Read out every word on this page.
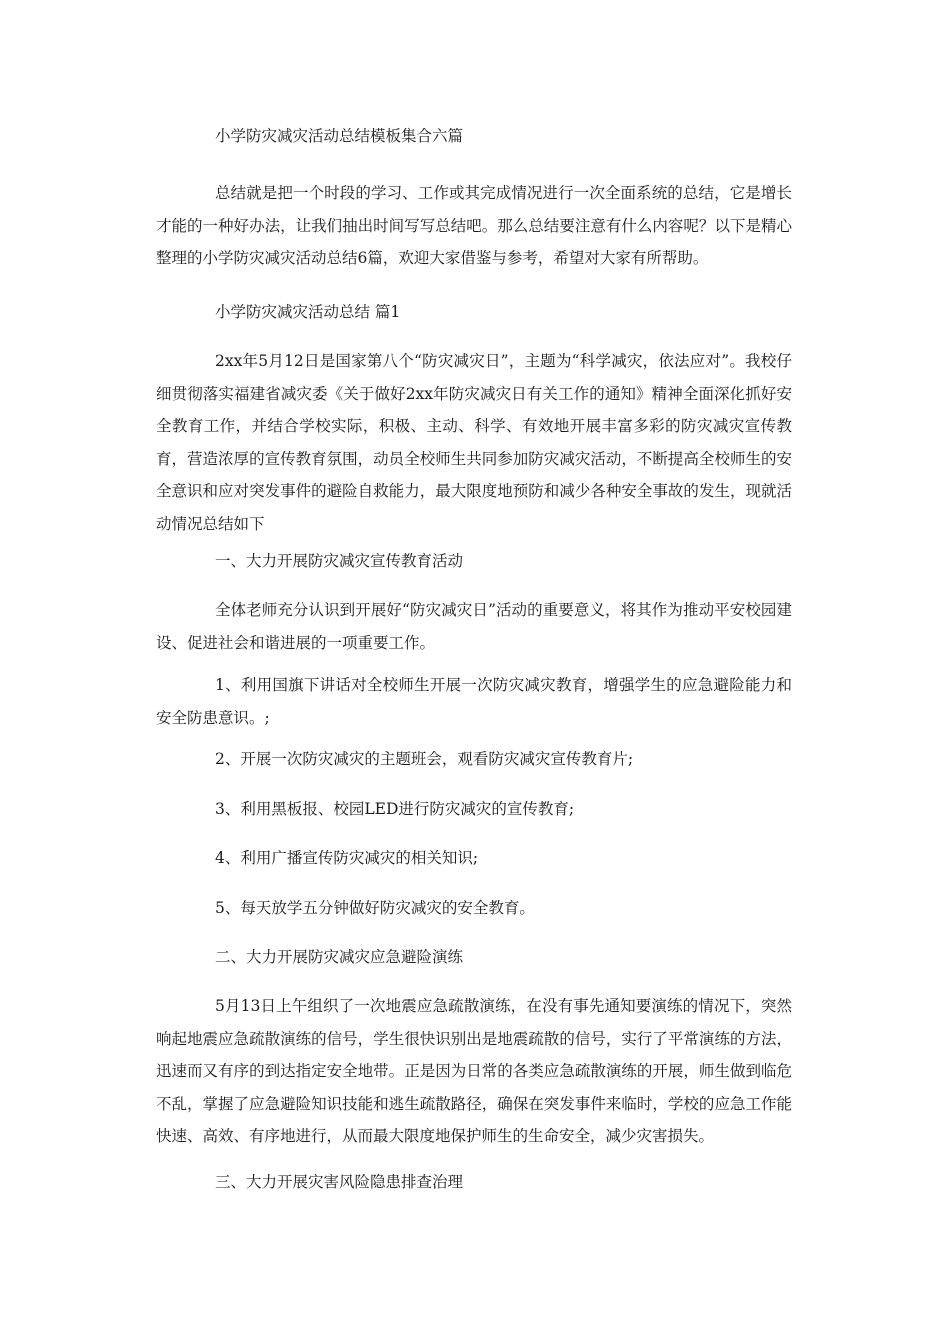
小学防灾减灾活动总结模板集合六篇

总结就是把一个时段的学习、工作或其完成情况进行一次全面系统的总结，它是增长才能的一种好办法，让我们抽出时间写写总结吧。那么总结要注意有什么内容呢？以下是精心整理的小学防灾减灾活动总结6篇，欢迎大家借鉴与参考，希望对大家有所帮助。

小学防灾减灾活动总结 篇1

2xx年5月12日是国家第八个“防灾减灾日”，主题为“科学减灾，依法应对”。我校仔细贯彻落实福建省减灾委《关于做好2xx年防灾减灾日有关工作的通知》精神全面深化抓好安全教育工作，并结合学校实际，积极、主动、科学、有效地开展丰富多彩的防灾减灾宣传教育，营造浓厚的宣传教育氛围，动员全校师生共同参加防灾减灾活动，不断提高全校师生的安全意识和应对突发事件的避险自救能力，最大限度地预防和减少各种安全事故的发生，现就活动情况总结如下

一、大力开展防灾减灾宣传教育活动

全体老师充分认识到开展好“防灾减灾日”活动的重要意义，将其作为推动平安校园建设、促进社会和谐进展的一项重要工作。

1、利用国旗下讲话对全校师生开展一次防灾减灾教育，增强学生的应急避险能力和安全防患意识。;

2、开展一次防灾减灾的主题班会，观看防灾减灾宣传教育片;

3、利用黑板报、校园LED进行防灾减灾的宣传教育;

4、利用广播宣传防灾减灾的相关知识;

5、每天放学五分钟做好防灾减灾的安全教育。

二、大力开展防灾减灾应急避险演练

5月13日上午组织了一次地震应急疏散演练，在没有事先通知要演练的情况下，突然响起地震应急疏散演练的信号，学生很快识别出是地震疏散的信号，实行了平常演练的方法，迅速而又有序的到达指定安全地带。正是因为日常的各类应急疏散演练的开展，师生做到临危不乱，掌握了应急避险知识技能和逃生疏散路径，确保在突发事件来临时，学校的应急工作能快速、高效、有序地进行，从而最大限度地保护师生的生命安全，减少灾害损失。

三、大力开展灾害风险隐患排查治理
